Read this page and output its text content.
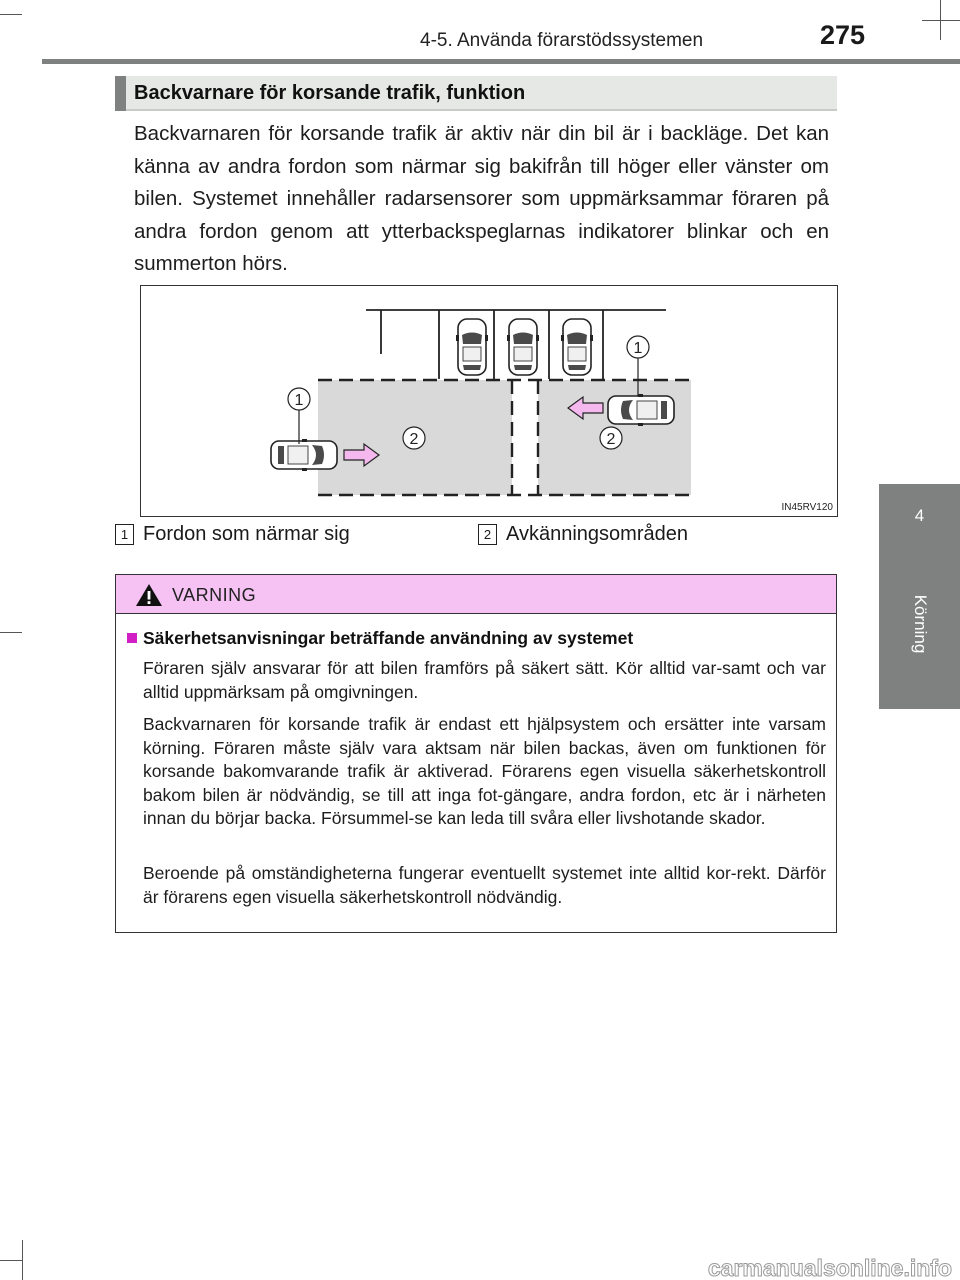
4-5. Använda förarstödssystemen	275
4
Körning
Backvarnare för korsande trafik, funktion
Backvarnaren för korsande trafik är aktiv när din bil är i backläge. Det kan känna av andra fordon som närmar sig bakifrån till höger eller vänster om bilen. Systemet innehåller radarsensorer som uppmärksammar föraren på andra fordon genom att ytterbackspeglarnas indikatorer blinkar och en summerton hörs.
1
1
2	2
IN45RV120
1 Fordon som närmar sig	2 Avkänningsområden
VARNING
Säkerhetsanvisningar beträffande användning av systemet
Föraren själv ansvarar för att bilen framförs på säkert sätt. Kör alltid var-samt och var alltid uppmärksam på omgivningen.
Backvarnaren för korsande trafik är endast ett hjälpsystem och ersätter inte varsam körning. Föraren måste själv vara aktsam när bilen backas, även om funktionen för korsande bakomvarande trafik är aktiverad. Förarens egen visuella säkerhetskontroll bakom bilen är nödvändig, se till att inga fot-gängare, andra fordon, etc är i närheten innan du börjar backa. Försummel-se kan leda till svåra eller livshotande skador.
Beroende på omständigheterna fungerar eventuellt systemet inte alltid kor-rekt. Därför är förarens egen visuella säkerhetskontroll nödvändig.
carmanualsonline.info
